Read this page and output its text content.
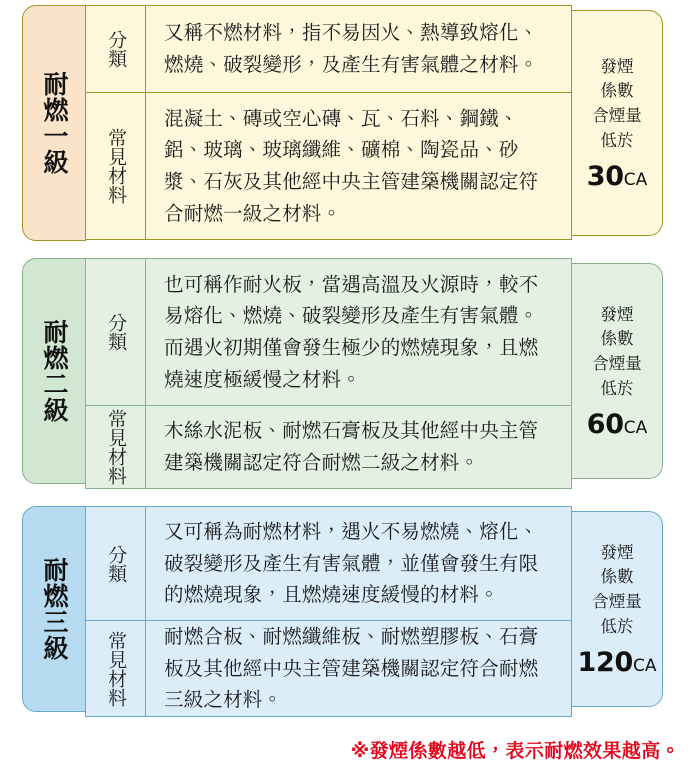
耐燃一級
分類 又稱不燃材料，指不易因火、熱導致熔化、燃燒、破裂變形，及產生有害氣體之材料。
常見材料
混凝土、磚或空心磚、瓦、石料、鋼鐵、鋁、玻璃、玻璃纖維、礦棉、陶瓷品、砂漿、石灰及其他經中央主管建築機關認定符合耐燃一級之材料。
發煙
係數
含煙量
低於
30CA
耐燃二級 分類
也可稱作耐火板，當遇高溫及火源時，較不易熔化、燃燒、破裂變形及產生有害氣體。而遇火初期僅會發生極少的燃燒現象，且燃燒速度極緩慢之材料。
常見材料 木絲水泥板、耐燃石膏板及其他經中央主管建築機關認定符合耐燃二級之材料。
發煙
係數
含煙量
低於
60CA
耐燃三級 分類
又可稱為耐燃材料，遇火不易燃燒、熔化、破裂變形及產生有害氣體，並僅會發生有限的燃燒現象，且燃燒速度緩慢的材料。
常見材料 耐燃合板、耐燃纖維板、耐燃塑膠板、石膏板及其他經中央主管建築機關認定符合耐燃三級之材料。
發煙
係數
含煙量
低於
120CA
※發煙係數越低，表示耐燃效果越高。
